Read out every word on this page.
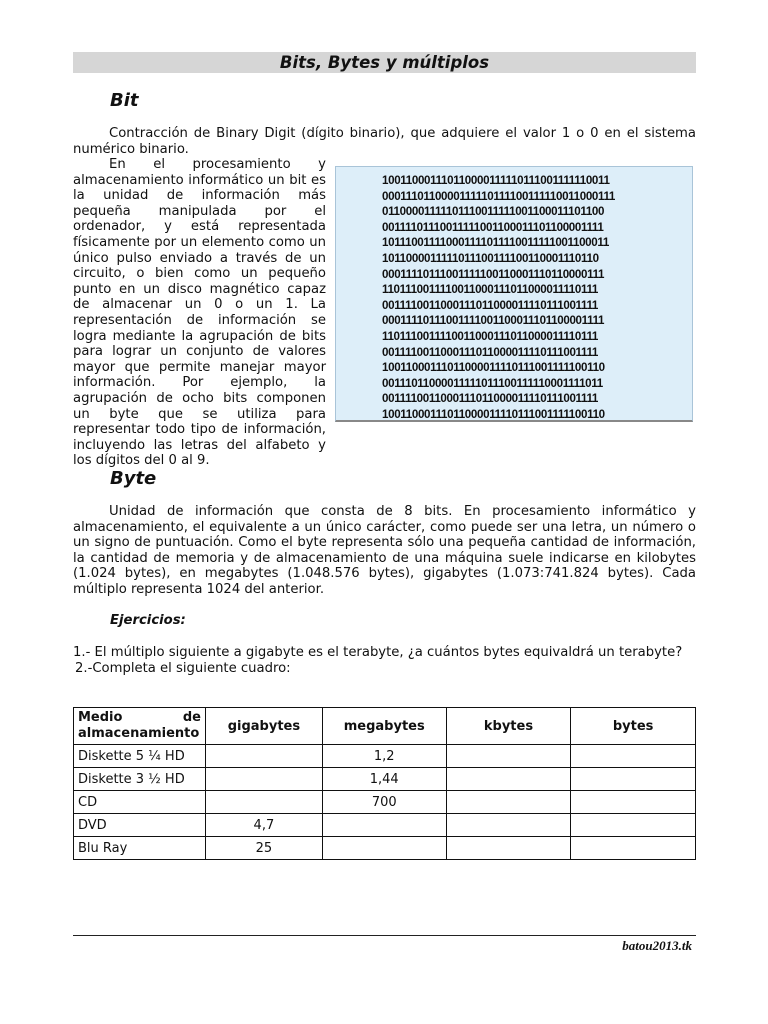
Bits, Bytes y múltiplos
Bit

Contracción de Binary Digit (dígito binario), que adquiere el valor 1 o 0 en el sistema numérico binario.

En el procesamiento y almacenamiento informático un bit es la unidad de información más pequeña manipulada por el ordenador, y está representada físicamente por un elemento como un único pulso enviado a través de un circuito, o bien como un pequeño punto en un disco magnético capaz de almacenar un 0 o un 1. La representación de información se logra mediante la agrupación de bits para lograr un conjunto de valores mayor que permite manejar mayor información. Por ejemplo, la agrupación de ocho bits componen un byte que se utiliza para representar todo tipo de información, incluyendo las letras del alfabeto y los dígitos del 0 al 9.

100110001110110000111110111001111110011
0001110110000111110111100111110011000111
01100001111101110011111001100011101100
00111101110011111001100011101100001111
101110011110001111011110011111001100011
1011000011111011100111100110001110110
00011110111001111100110001110110000111
1101110011110011000111011000011110111
0011110011000111011000011110111001111
00011110111001111001100011101100001111
1101110011110011000111011000011110111
0011110011000111011000011110111001111
10011000111011000011110111001111100110
00111011000011111011100111110001111011
0011110011000111011000011110111001111
10011000111011000011110111001111100110
Byte

Unidad de información que consta de 8 bits. En procesamiento informático y almacenamiento, el equivalente a un único carácter, como puede ser una letra, un número o un signo de puntuación. Como el byte representa sólo una pequeña cantidad de información, la cantidad de memoria y de almacenamiento de una máquina suele indicarse en kilobytes (1.024 bytes), en megabytes (1.048.576 bytes), gigabytes (1.073:741.824 bytes). Cada múltiplo representa 1024 del anterior.

Ejercicios:

1.- El múltiplo siguiente a gigabyte es el terabyte, ¿a cuántos bytes equivaldrá un terabyte?

2.-Completa el siguiente cuadro:

Medio de almacenamiento	gigabytes	megabytes	kbytes	bytes
Diskette 5 ¼ HD		1,2		
Diskette 3 ½ HD		1,44		
CD		700		
DVD	4,7			
Blu Ray	25			
batou2013.tk
